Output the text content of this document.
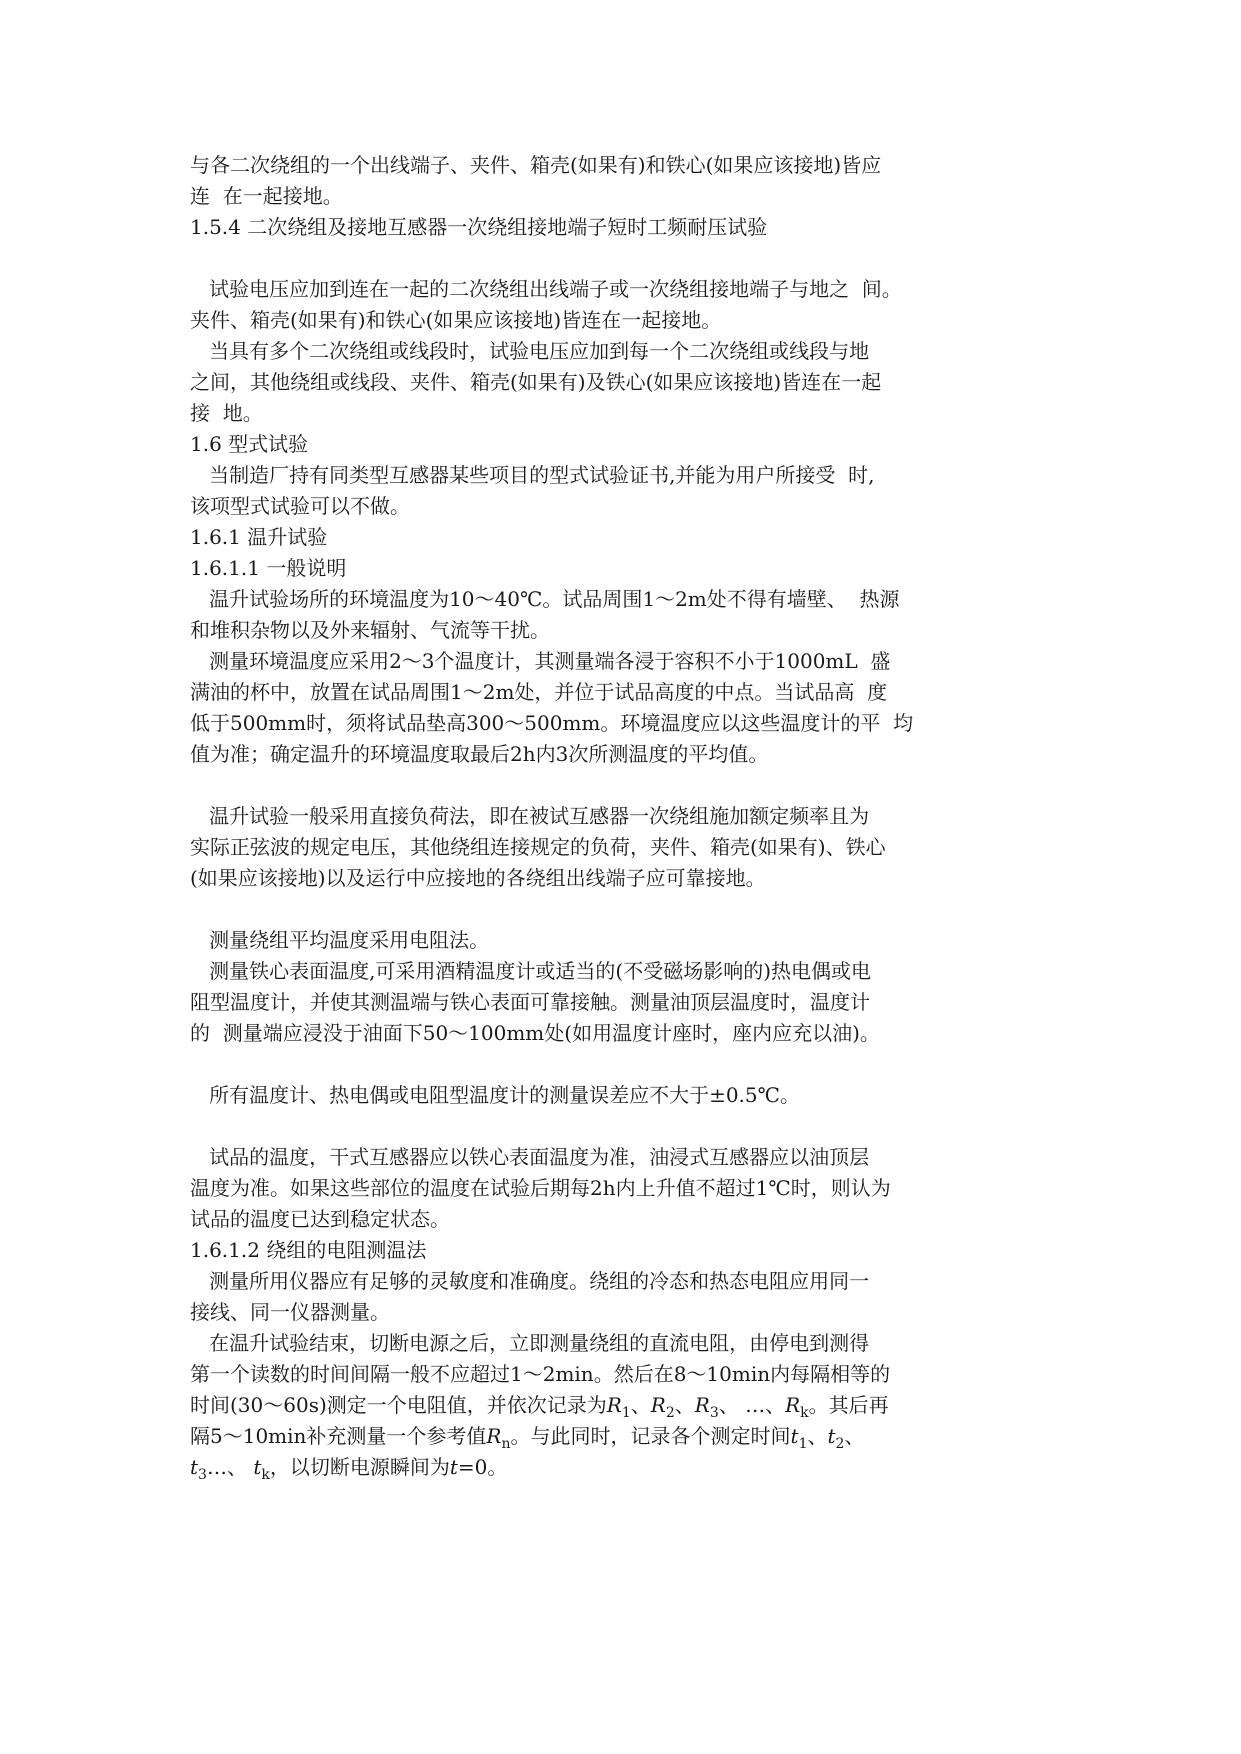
与各二次绕组的一个出线端子、夹件、箱壳(如果有)和铁心(如果应该接地)皆应
连  在一起接地。
1.5.4 二次绕组及接地互感器一次绕组接地端子短时工频耐压试验
试验电压应加到连在一起的二次绕组出线端子或一次绕组接地端子与地之  间。
夹件、箱壳(如果有)和铁心(如果应该接地)皆连在一起接地。
当具有多个二次绕组或线段时，试验电压应加到每一个二次绕组或线段与地
之间，其他绕组或线段、夹件、箱壳(如果有)及铁心(如果应该接地)皆连在一起
接  地。
1.6 型式试验
当制造厂持有同类型互感器某些项目的型式试验证书,并能为用户所接受  时,
该项型式试验可以不做。
1.6.1 温升试验
1.6.1.1 一般说明
温升试验场所的环境温度为10～40℃。试品周围1～2m处不得有墙壁、  热源
和堆积杂物以及外来辐射、气流等干扰。
测量环境温度应采用2～3个温度计，其测量端各浸于容积不小于1000mL  盛
满油的杯中，放置在试品周围1～2m处，并位于试品高度的中点。当试品高  度
低于500mm时，须将试品垫高300～500mm。环境温度应以这些温度计的平  均
值为准；确定温升的环境温度取最后2h内3次所测温度的平均值。
温升试验一般采用直接负荷法，即在被试互感器一次绕组施加额定频率且为
实际正弦波的规定电压，其他绕组连接规定的负荷，夹件、箱壳(如果有)、铁心
(如果应该接地)以及运行中应接地的各绕组出线端子应可靠接地。
测量绕组平均温度采用电阻法。
测量铁心表面温度,可采用酒精温度计或适当的(不受磁场影响的)热电偶或电
阻型温度计，并使其测温端与铁心表面可靠接触。测量油顶层温度时，温度计
的  测量端应浸没于油面下50～100mm处(如用温度计座时，座内应充以油)。
所有温度计、热电偶或电阻型温度计的测量误差应不大于±0.5℃。
试品的温度，干式互感器应以铁心表面温度为准，油浸式互感器应以油顶层
温度为准。如果这些部位的温度在试验后期每2h内上升值不超过1℃时，则认为
试品的温度已达到稳定状态。
1.6.1.2 绕组的电阻测温法
测量所用仪器应有足够的灵敏度和准确度。绕组的冷态和热态电阻应用同一
接线、同一仪器测量。
在温升试验结束，切断电源之后，立即测量绕组的直流电阻，由停电到测得
第一个读数的时间间隔一般不应超过1～2min。然后在8～10min内每隔相等的
时间(30～60s)测定一个电阻值，并依次记录为$R_1$、$R_2$、$R_3$、 …、$R_k$。其后再
隔5～10min补充测量一个参考值$R_n$。与此同时，记录各个测定时间$t_1$、$t_2$、
$t_3\dots$、 $t_k$，以切断电源瞬间为t=0。
